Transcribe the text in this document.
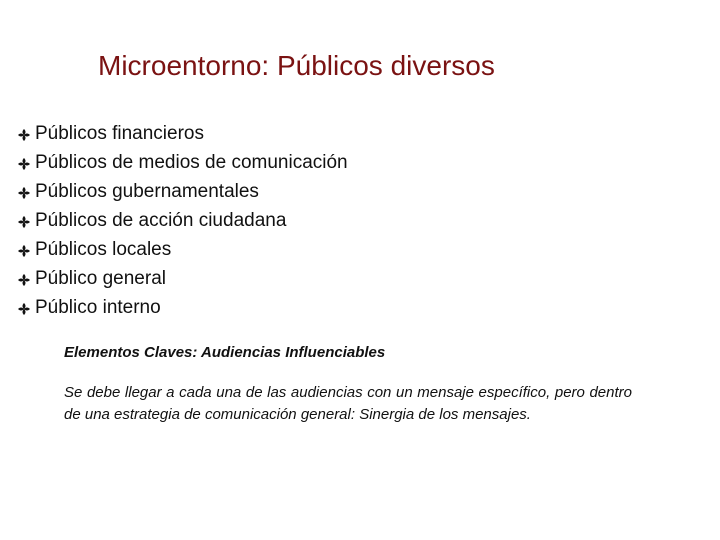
Microentorno: Públicos diversos
Públicos financieros
Públicos de medios de comunicación
Públicos gubernamentales
Públicos de acción ciudadana
Públicos locales
Público general
Público interno
Elementos Claves: Audiencias Influenciables

Se debe llegar a cada una de las audiencias con un mensaje específico, pero dentro de una estrategia de comunicación general: Sinergia de los mensajes.
